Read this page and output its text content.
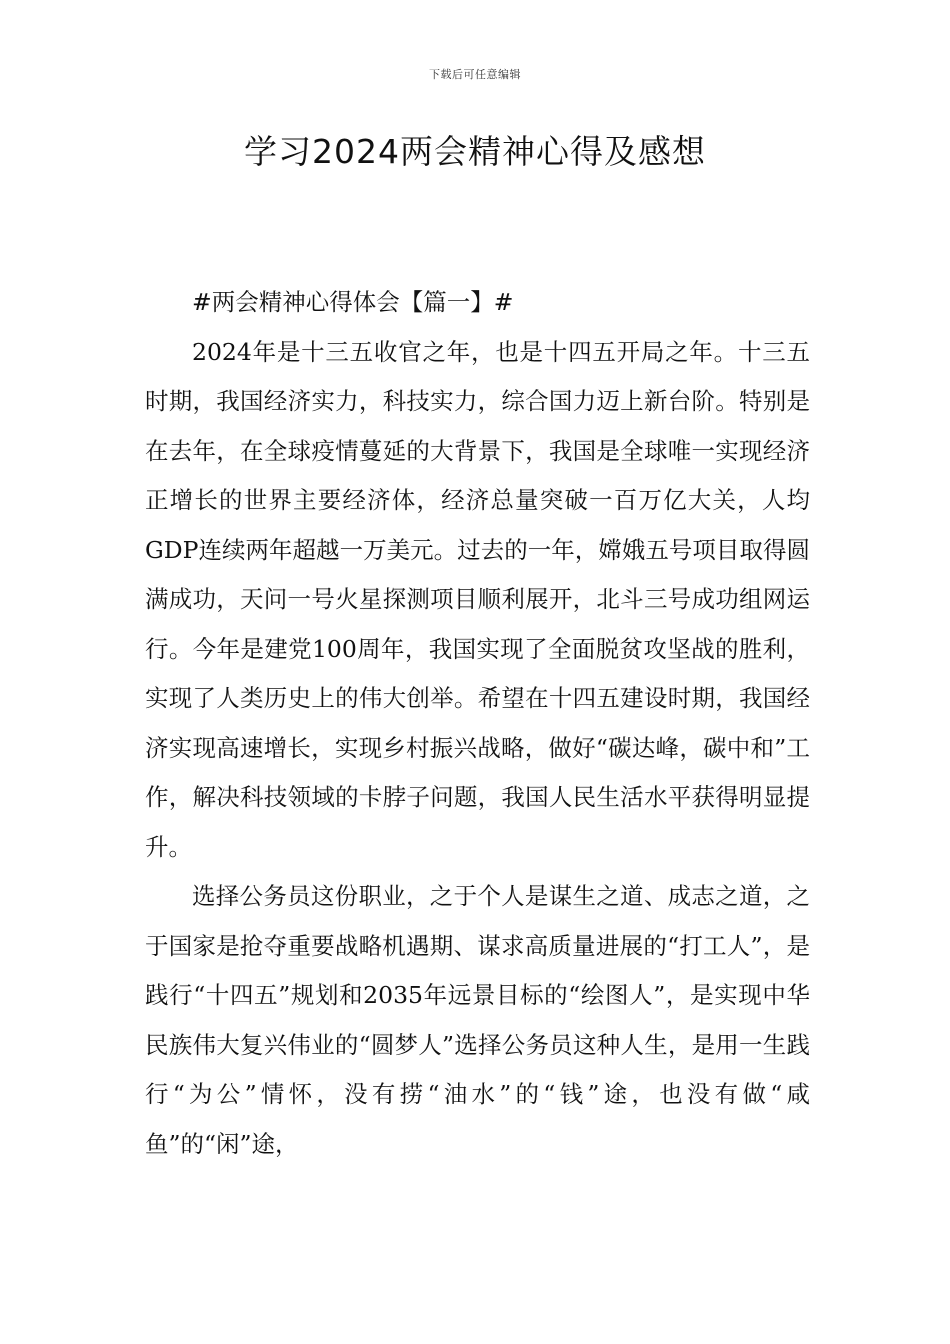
下载后可任意编辑
学习2024两会精神心得及感想

#两会精神心得体会【篇一】#

2024年是十三五收官之年，也是十四五开局之年。十三五时期，我国经济实力，科技实力，综合国力迈上新台阶。特别是在去年，在全球疫情蔓延的大背景下，我国是全球唯一实现经济正增长的世界主要经济体，经济总量突破一百万亿大关，人均GDP连续两年超越一万美元。过去的一年，嫦娥五号项目取得圆满成功，天问一号火星探测项目顺利展开，北斗三号成功组网运行。今年是建党100周年，我国实现了全面脱贫攻坚战的胜利，实现了人类历史上的伟大创举。希望在十四五建设时期，我国经济实现高速增长，实现乡村振兴战略，做好“碳达峰，碳中和”工作，解决科技领域的卡脖子问题，我国人民生活水平获得明显提升。

选择公务员这份职业，之于个人是谋生之道、成志之道，之于国家是抢夺重要战略机遇期、谋求高质量进展的“打工人”，是践行“十四五”规划和2035年远景目标的“绘图人”，是实现中华民族伟大复兴伟业的“圆梦人”选择公务员这种人生，是用一生践行“为公”情怀，没有捞“油水”的“钱”途，也没有做“咸鱼”的“闲”途，
